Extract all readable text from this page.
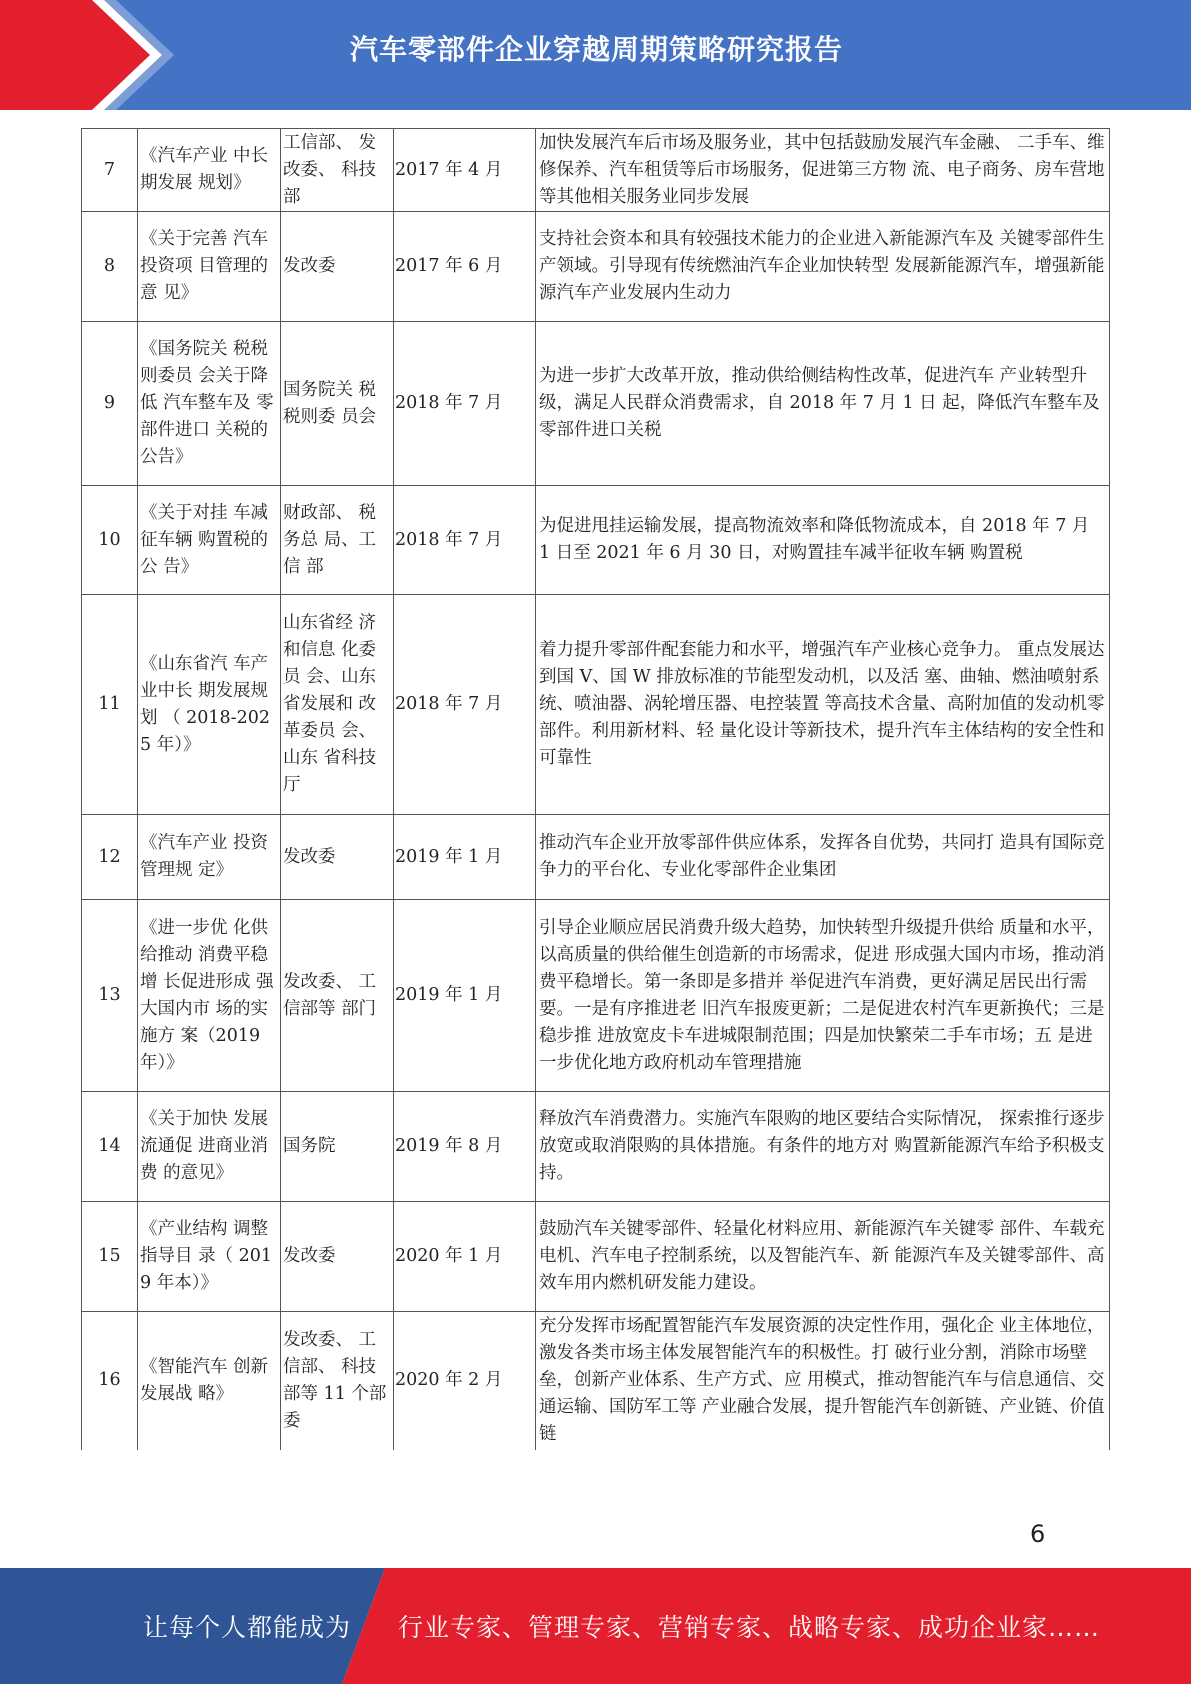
汽车零部件企业穿越周期策略研究报告
7	《汽车产业 中长期发展 规划》	工信部、 发改委、 科技部	2017 年 4 月		加快发展汽车后市场及服务业，其中包括鼓励发展汽车金融、 二手车、维修保养、汽车租赁等后市场服务，促进第三方物 流、电子商务、房车营地等其他相关服务业同步发展
8	《关于完善 汽车投资项 目管理的意 见》	发改委	2017 年 6 月		支持社会资本和具有较强技术能力的企业进入新能源汽车及 关键零部件生产领域。引导现有传统燃油汽车企业加快转型 发展新能源汽车，增强新能源汽车产业发展内生动力
9	《国务院关 税税则委员 会关于降低 汽车整车及 零部件进口 关税的公告》	国务院关 税税则委 员会	2018 年 7 月		为进一步扩大改革开放，推动供给侧结构性改革，促进汽车 产业转型升级，满足人民群众消费需求，自 2018 年 7 月 1 日 起，降低汽车整车及零部件进口关税
10	《关于对挂 车减征车辆 购置税的公 告》	财政部、 税务总 局、工信 部	2018 年 7 月		为促进甩挂运输发展，提高物流效率和降低物流成本，自 2018 年 7 月 1 日至 2021 年 6 月 30 日，对购置挂车减半征收车辆 购置税
11	《山东省汽 车产业中长 期发展规划 （ 2018-2025 年）》	山东省经 济和信息 化委员 会、山东省发展和 改革委员 会、山东 省科技厅	2018 年 7 月		着力提升零部件配套能力和水平，增强汽车产业核心竞争力。 重点发展达到国 V、国 W 排放标准的节能型发动机，以及活 塞、曲轴、燃油喷射系统、喷油器、涡轮增压器、电控装置 等高技术含量、高附加值的发动机零部件。利用新材料、轻 量化设计等新技术，提升汽车主体结构的安全性和可靠性
12	《汽车产业 投资管理规 定》	发改委	2019 年 1 月		推动汽车企业开放零部件供应体系，发挥各自优势，共同打 造具有国际竞争力的平台化、专业化零部件企业集团
13	《进一步优 化供给推动 消费平稳增 长促进形成 强大国内市 场的实施方 案（2019 年）》	发改委、 工信部等 部门	2019 年 1 月		引导企业顺应居民消费升级大趋势，加快转型升级提升供给 质量和水平，以高质量的供给催生创造新的市场需求，促进 形成强大国内市场，推动消费平稳增长。第一条即是多措并 举促进汽车消费，更好满足居民出行需要。一是有序推进老 旧汽车报废更新；二是促进农村汽车更新换代；三是稳步推 进放宽皮卡车进城限制范围；四是加快繁荣二手车市场；五 是进一步优化地方政府机动车管理措施
14	《关于加快 发展流通促 进商业消费 的意见》	国务院	2019 年 8 月		释放汽车消费潜力。实施汽车限购的地区要结合实际情况， 探索推行逐步放宽或取消限购的具体措施。有条件的地方对 购置新能源汽车给予积极支持。
15	《产业结构 调整指导目 录（ 2019 年本）》	发改委	2020 年 1 月		鼓励汽车关键零部件、轻量化材料应用、新能源汽车关键零 部件、车载充电机、汽车电子控制系统，以及智能汽车、新 能源汽车及关键零部件、高效车用内燃机研发能力建设。
16	《智能汽车 创新发展战 略》	发改委、 工信部、 科技部等 11 个部委	2020 年 2 月		充分发挥市场配置智能汽车发展资源的决定性作用，强化企 业主体地位，激发各类市场主体发展智能汽车的积极性。打 破行业分割，消除市场壁垒，创新产业体系、生产方式、应 用模式，推动智能汽车与信息通信、交通运输、国防军工等 产业融合发展，提升智能汽车创新链、产业链、价值链
6
让每个人都能成为 行业专家、管理专家、营销专家、战略专家、成功企业家……
